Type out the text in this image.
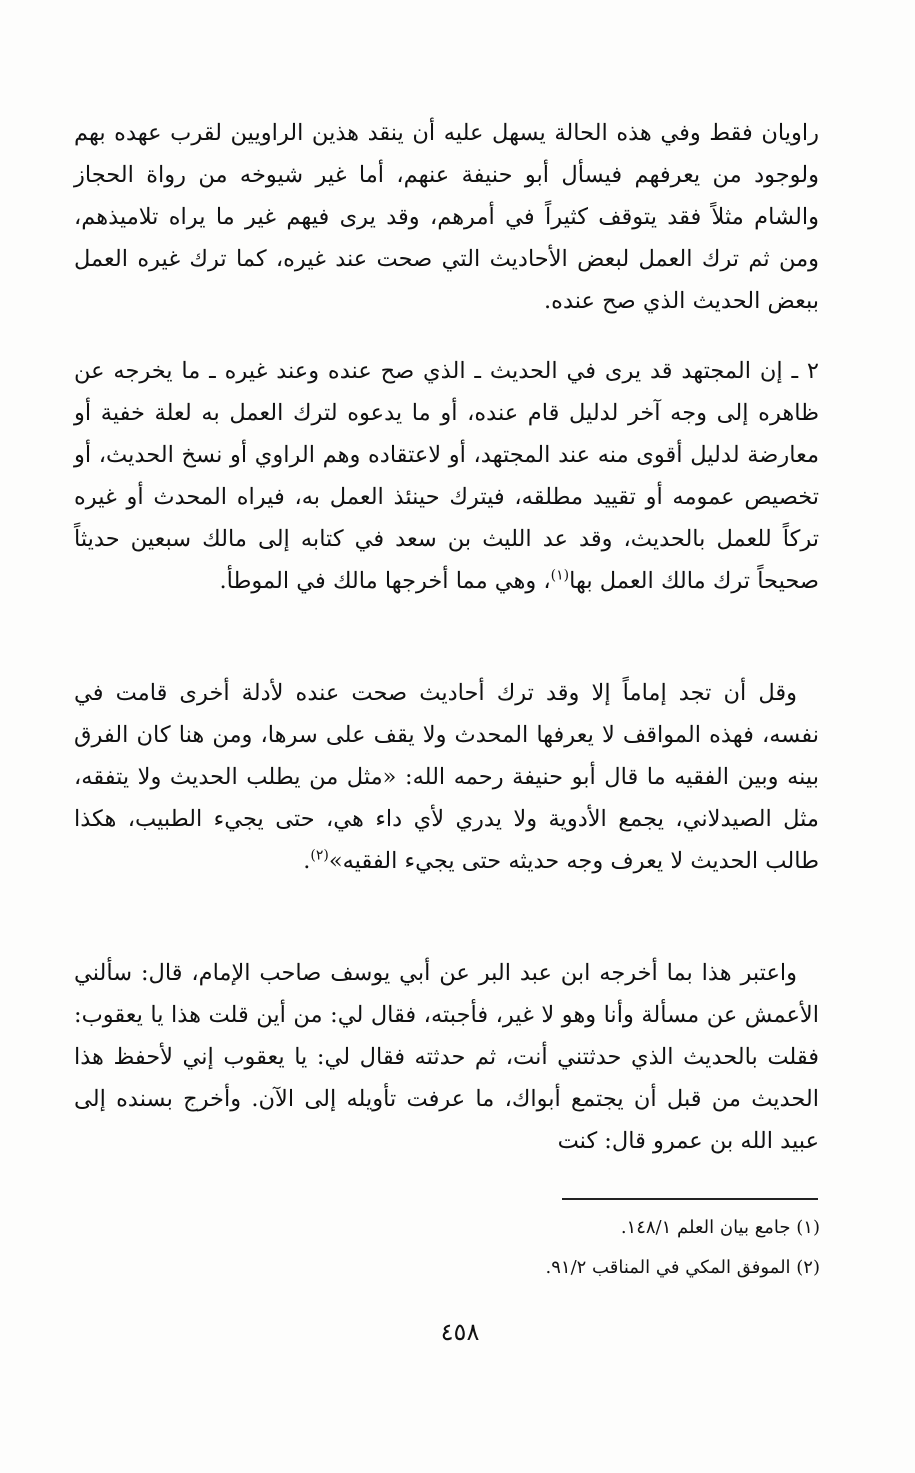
راويان فقط وفي هذه الحالة يسهل عليه أن ينقد هذين الراويين لقرب عهده بهم ولوجود من يعرفهم فيسأل أبو حنيفة عنهم، أما غير شيوخه من رواة الحجاز والشام مثلاً فقد يتوقف كثيراً في أمرهم، وقد يرى فيهم غير ما يراه تلاميذهم، ومن ثم ترك العمل لبعض الأحاديث التي صحت عند غيره، كما ترك غيره العمل ببعض الحديث الذي صح عنده.

٢ ـ إن المجتهد قد يرى في الحديث ـ الذي صح عنده وعند غيره ـ ما يخرجه عن ظاهره إلى وجه آخر لدليل قام عنده، أو ما يدعوه لترك العمل به لعلة خفية أو معارضة لدليل أقوى منه عند المجتهد، أو لاعتقاده وهم الراوي أو نسخ الحديث، أو تخصيص عمومه أو تقييد مطلقه، فيترك حينئذ العمل به، فيراه المحدث أو غيره تركاً للعمل بالحديث، وقد عد الليث بن سعد في كتابه إلى مالك سبعين حديثاً صحيحاً ترك مالك العمل بها$^{(١)}$، وهي مما أخرجها مالك في الموطأ.

وقل أن تجد إماماً إلا وقد ترك أحاديث صحت عنده لأدلة أخرى قامت في نفسه، فهذه المواقف لا يعرفها المحدث ولا يقف على سرها، ومن هنا كان الفرق بينه وبين الفقيه ما قال أبو حنيفة رحمه الله: «مثل من يطلب الحديث ولا يتفقه، مثل الصيدلاني، يجمع الأدوية ولا يدري لأي داء هي، حتى يجيء الطبيب، هكذا طالب الحديث لا يعرف وجه حديثه حتى يجيء الفقيه»$^{(٢)}$.

واعتبر هذا بما أخرجه ابن عبد البر عن أبي يوسف صاحب الإمام، قال: سألني الأعمش عن مسألة وأنا وهو لا غير، فأجبته، فقال لي: من أين قلت هذا يا يعقوب: فقلت بالحديث الذي حدثتني أنت، ثم حدثته فقال لي: يا يعقوب إني لأحفظ هذا الحديث من قبل أن يجتمع أبواك، ما عرفت تأويله إلى الآن. وأخرج بسنده إلى عبيد الله بن عمرو قال: كنت

(١) جامع بيان العلم ١٤٨/١.

(٢) الموفق المكي في المناقب ٩١/٢.

٤٥٨
